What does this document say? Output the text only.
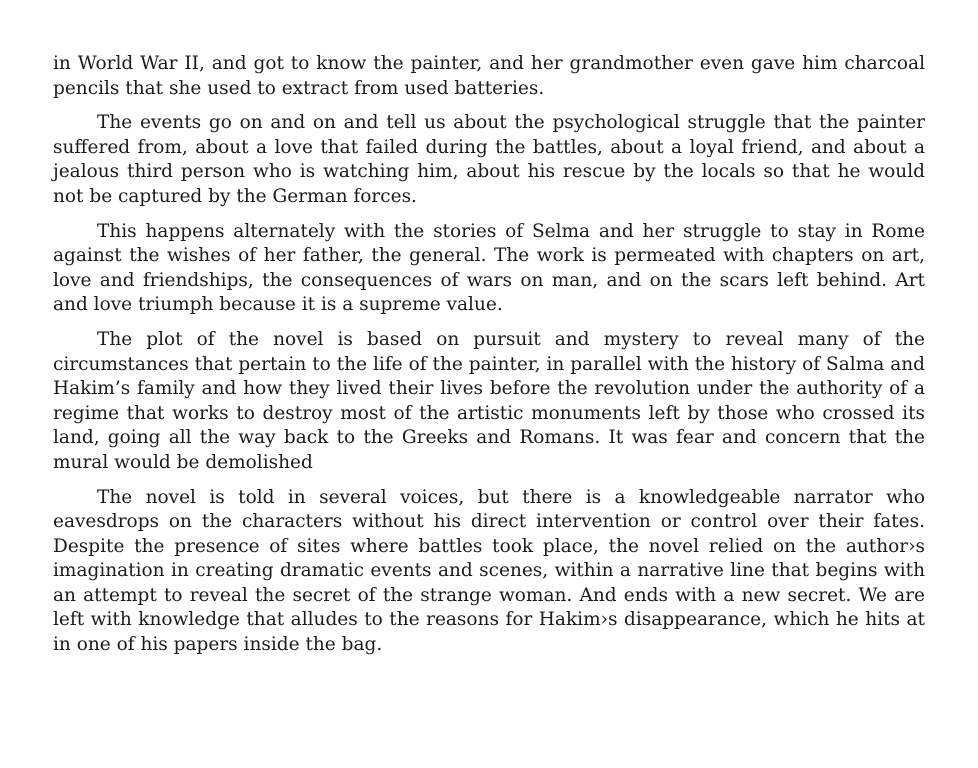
in World War II, and got to know the painter, and her grandmother even gave him charcoal pencils that she used to extract from used batteries.

The events go on and on and tell us about the psychological struggle that the painter suffered from, about a love that failed during the battles, about a loyal friend, and about a jealous third person who is watching him, about his rescue by the locals so that he would not be captured by the German forces.

This happens alternately with the stories of Selma and her struggle to stay in Rome against the wishes of her father, the general. The work is permeated with chapters on art, love and friendships, the consequences of wars on man, and on the scars left behind. Art and love triumph because it is a supreme value.

The plot of the novel is based on pursuit and mystery to reveal many of the circumstances that pertain to the life of the painter, in parallel with the history of Salma and Hakim’s family and how they lived their lives before the revolution under the authority of a regime that works to destroy most of the artistic monuments left by those who crossed its land, going all the way back to the Greeks and Romans. It was fear and concern that the mural would be demolished

The novel is told in several voices, but there is a knowledgeable narrator who eavesdrops on the characters without his direct intervention or control over their fates. Despite the presence of sites where battles took place, the novel relied on the author›s imagination in creating dramatic events and scenes, within a narrative line that begins with an attempt to reveal the secret of the strange woman. And ends with a new secret. We are left with knowledge that alludes to the reasons for Hakim›s disappearance, which he hits at in one of his papers inside the bag.
